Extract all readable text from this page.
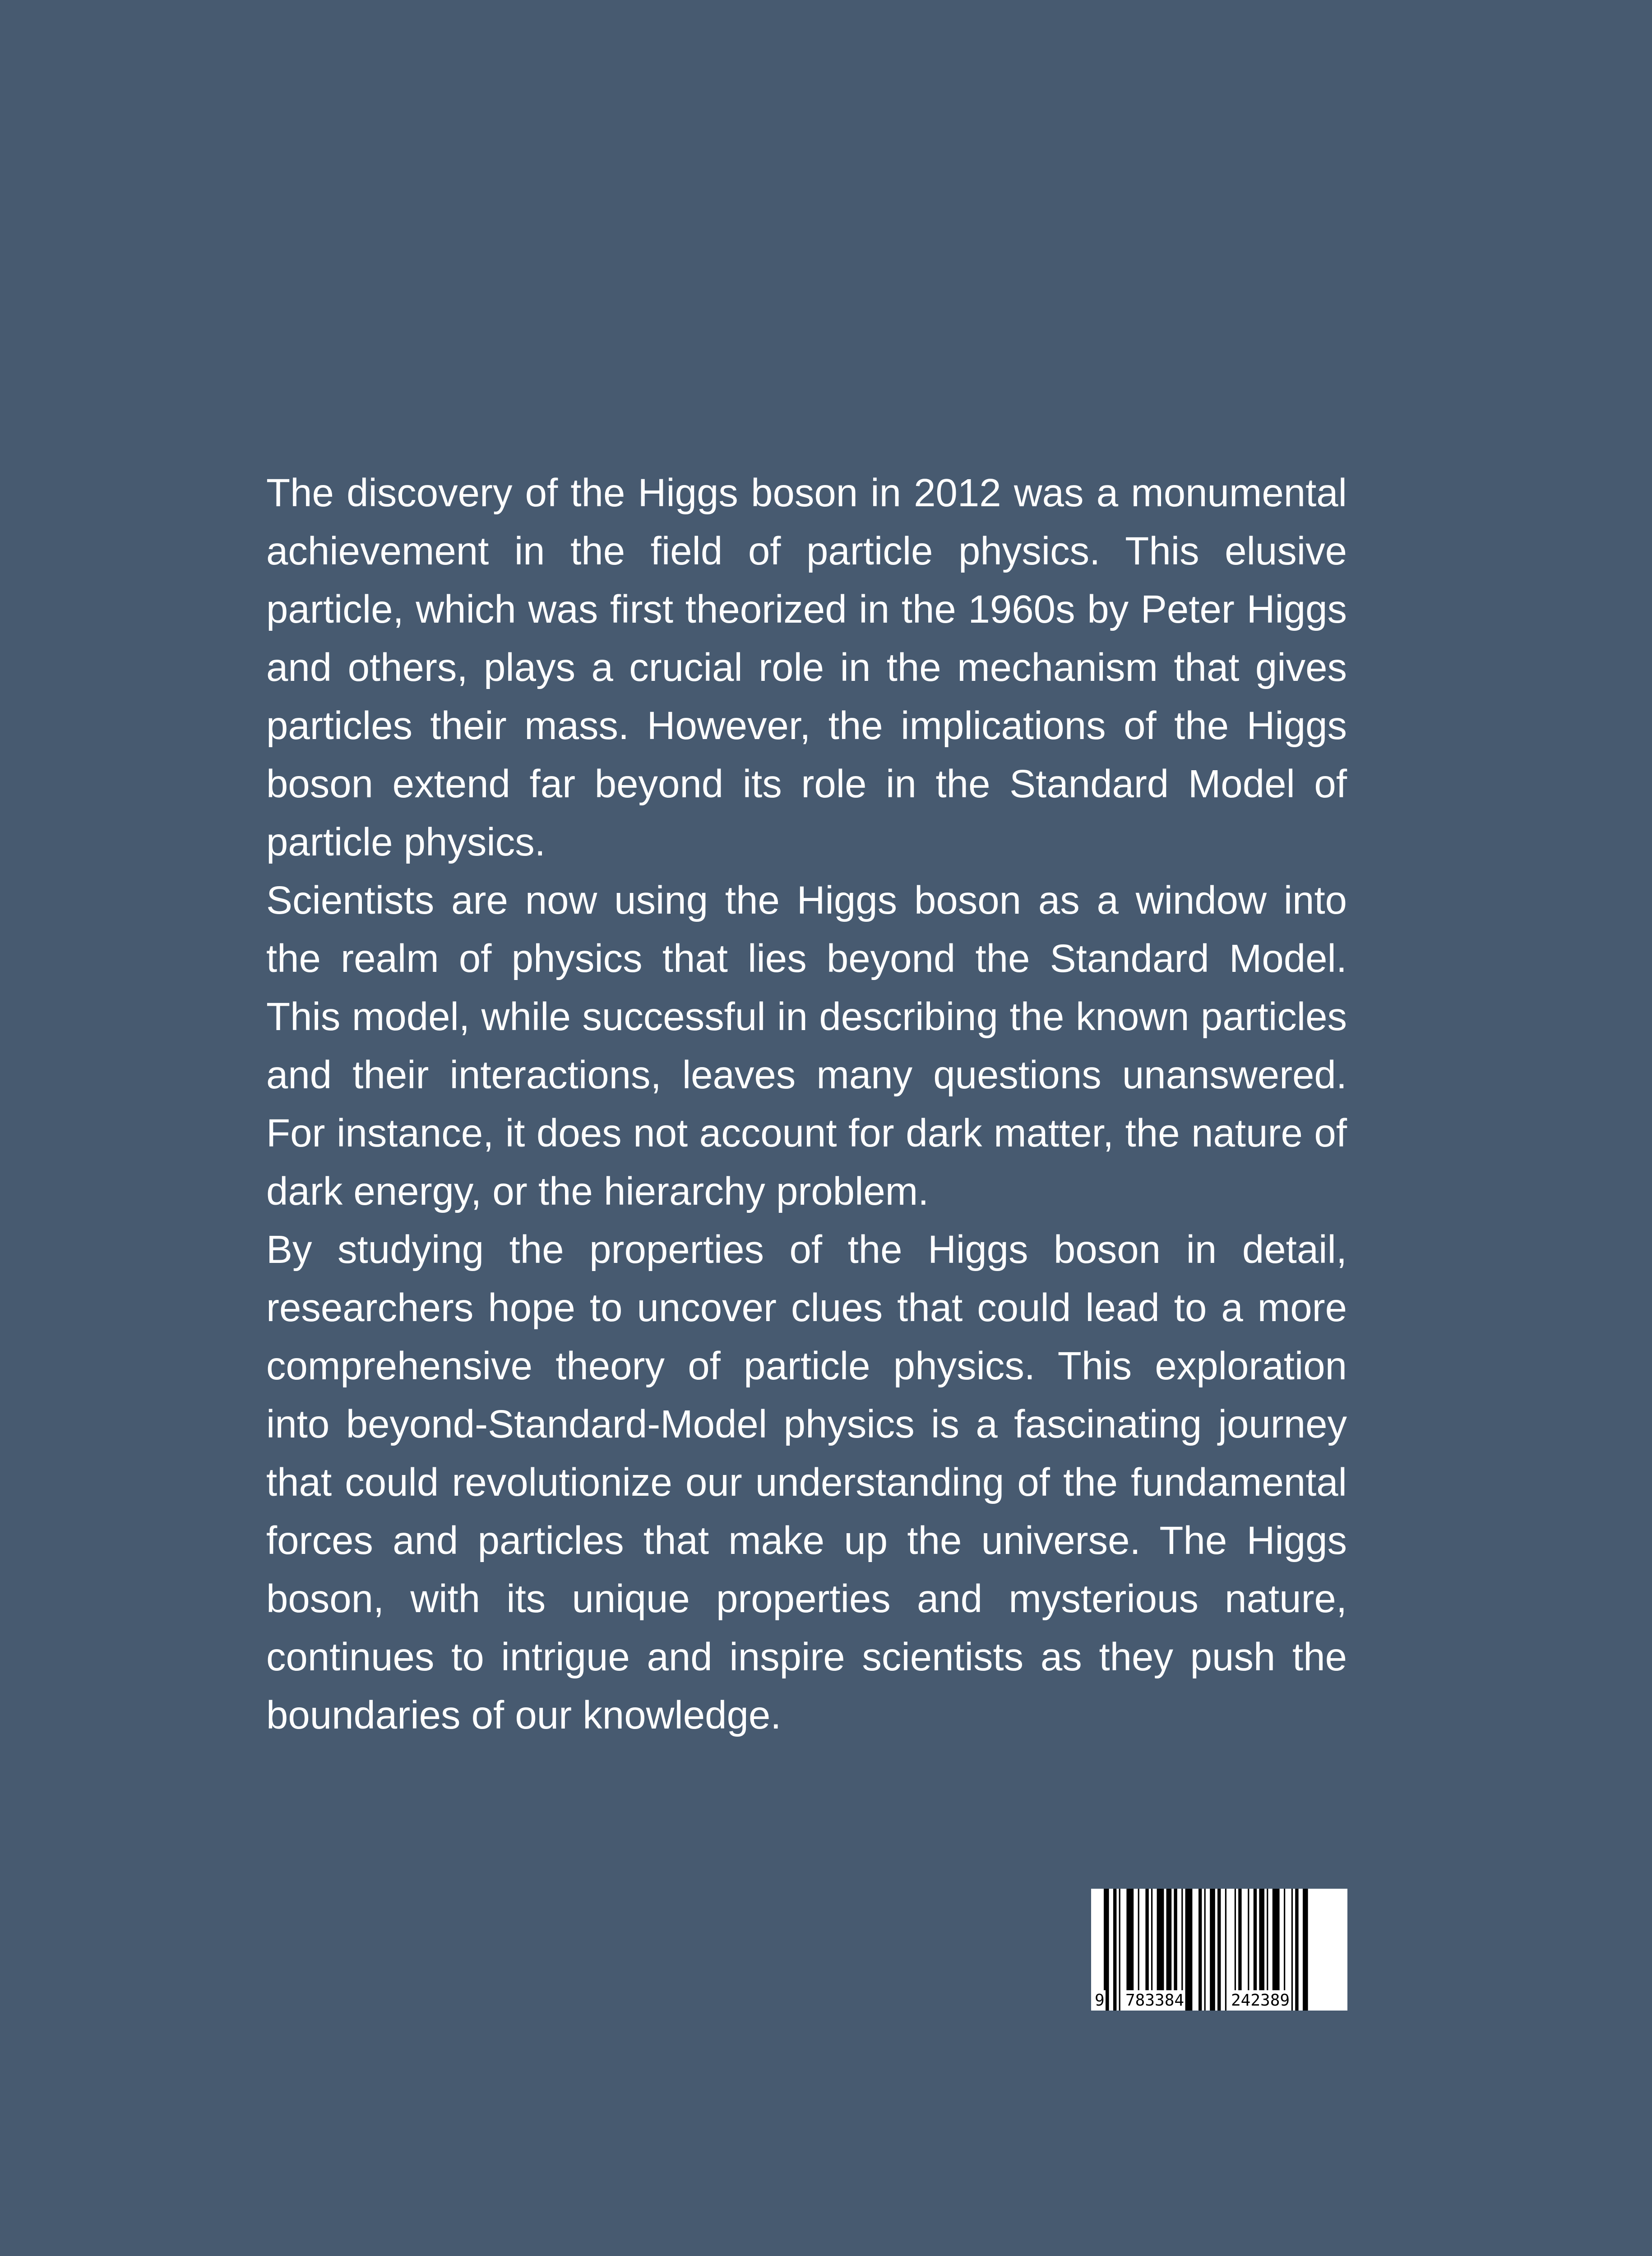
The discovery of the Higgs boson in 2012 was a monumental achievement in the field of particle physics. This elusive particle, which was first theorized in the 1960s by Peter Higgs and others, plays a crucial role in the mechanism that gives particles their mass. However, the implications of the Higgs boson extend far beyond its role in the Standard Model of particle physics.

Scientists are now using the Higgs boson as a window into the realm of physics that lies beyond the Standard Model. This model, while successful in describing the known particles and their interactions, leaves many questions unanswered. For instance, it does not account for dark matter, the nature of dark energy, or the hierarchy problem.

By studying the properties of the Higgs boson in detail, researchers hope to uncover clues that could lead to a more comprehensive theory of particle physics. This exploration into beyond-Standard-Model physics is a fascinating journey that could revolutionize our understanding of the fundamental forces and particles that make up the universe. The Higgs boson, with its unique properties and mysterious nature, continues to intrigue and inspire scientists as they push the boundaries of our knowledge.

9 783384	242389
